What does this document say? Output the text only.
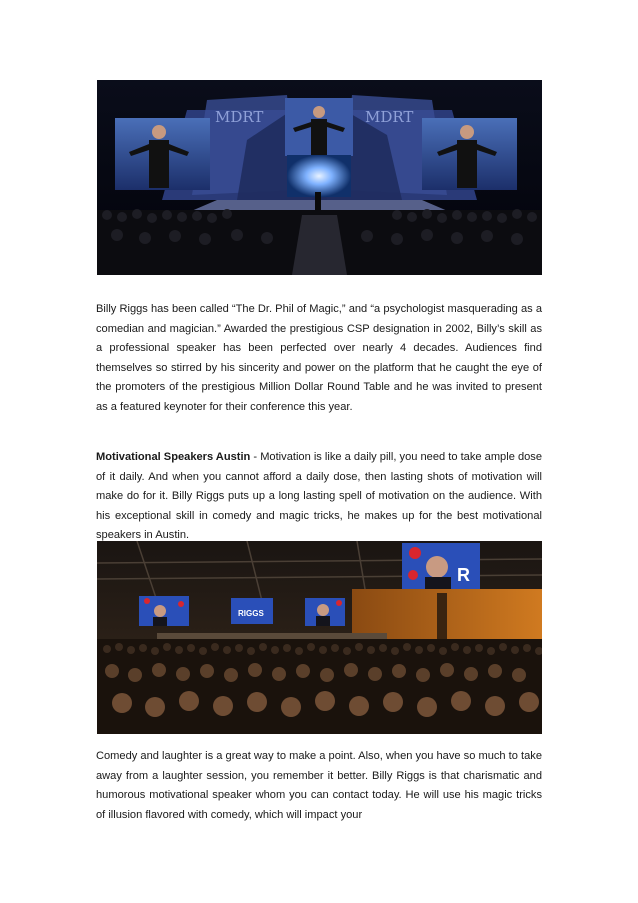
MDRT	MDRT

Billy Riggs has been called “The Dr. Phil of Magic,” and “a psychologist masquerading as a comedian and magician.” Awarded the prestigious CSP designation in 2002, Billy’s skill as a professional speaker has been perfected over nearly 4 decades. Audiences find themselves so stirred by his sincerity and power on the platform that he caught the eye of the promoters of the prestigious Million Dollar Round Table and he was invited to present as a featured keynoter for their conference this year.

Motivational Speakers Austin - Motivation is like a daily pill, you need to take ample dose of it daily. And when you cannot afford a daily dose, then lasting shots of motivation will make do for it. Billy Riggs puts up a long lasting spell of motivation on the audience. With his exceptional skill in comedy and magic tricks, he makes up for the best motivational speakers in Austin.

R
RIGGS

Comedy and laughter is a great way to make a point. Also, when you have so much to take away from a laughter session, you remember it better. Billy Riggs is that charismatic and humorous motivational speaker whom you can contact today. He will use his magic tricks of illusion flavored with comedy, which will impact your
